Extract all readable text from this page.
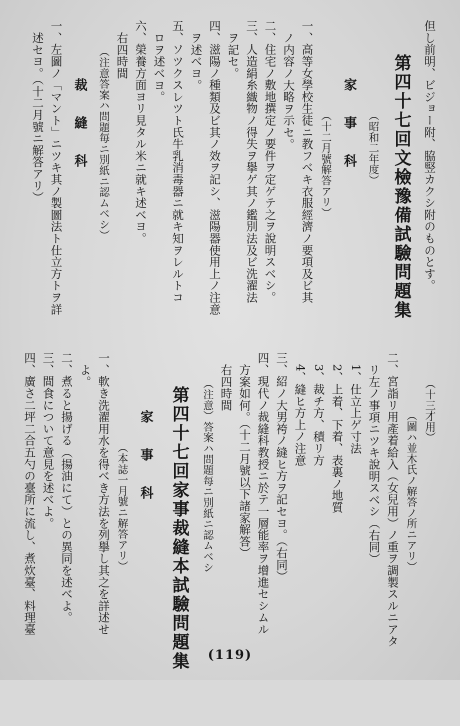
但し前明、ビジョー附、脇竪カクシ附のものとす。
第四十七回文檢豫備試驗問題集
（昭和二年度）
家　事　科
（十二月號解答アリ）
一、高等女學校生徒ニ教フベキ衣服經濟ノ要項及ビ其
ノ内容ノ大略ヲ示セ。
二、住宅ノ敷地撰定ノ要件ヲ定ゲテ之ヲ說明スベシ。
三、人造絹糸織物ノ得失ヲ擧ゲ其ノ鑑別法及ビ洗濯法
ヲ記セ。
四、滋陽ノ種類及ビ其ノ效ヲ記シ、滋陽器使用上ノ注意
ヲ述ベヨ。
五、ソツクスレツト氏牛乳消毒器ニ就キ知ヲレルトコ
ロヲ述ベヨ。
六、榮養方面ヨリ見タル米ニ就キ述ベヨ。
右四時間
（注意答案ハ問題毎ニ別紙ニ認ムベシ）
裁　縫　科
一、左圖ノ「マント」ニツキ其ノ製圖法ト仕立方トヲ詳
述セヨ。（十二月號ニ解答アリ）
（十三才用）
（圖ハ並木氏ノ解答ノ所ニアリ）
二、宮詣リ用產着給入（女兒用）ノ重ヲ調製スルニアタ
リ左ノ事項ニツキ說明スベシ（右同）
1、仕立上ゲ寸法
2、上着、下着、表裏ノ地質
3、裁チ方、積リ方
4、縫ヒ方上ノ注意
三、紹ノ大男袴ノ縫ヒ方ヲ記セヨ。（右同）
四、現代ノ裁縫科教授ニ於テ一層能率ヲ增進セシムル
方案如何。（十二月號以下諸家解答）
右四時間
（注意）答案ハ問題每ニ別紙ニ認ムベシ
第四十七回家事裁縫本試驗問題集
家　事　科
（本誌一月號ニ解答アリ）
一、軟き洗濯用水を得べき方法を列擧し其之を詳述せ
よ。
二、煮ると揚げる（揚油にて）との異同を述べよ。
三、間食について意見を述べよ。
四、廣さ二坪二合五勺の臺所に流し、煮炊臺、料理臺
(119)
